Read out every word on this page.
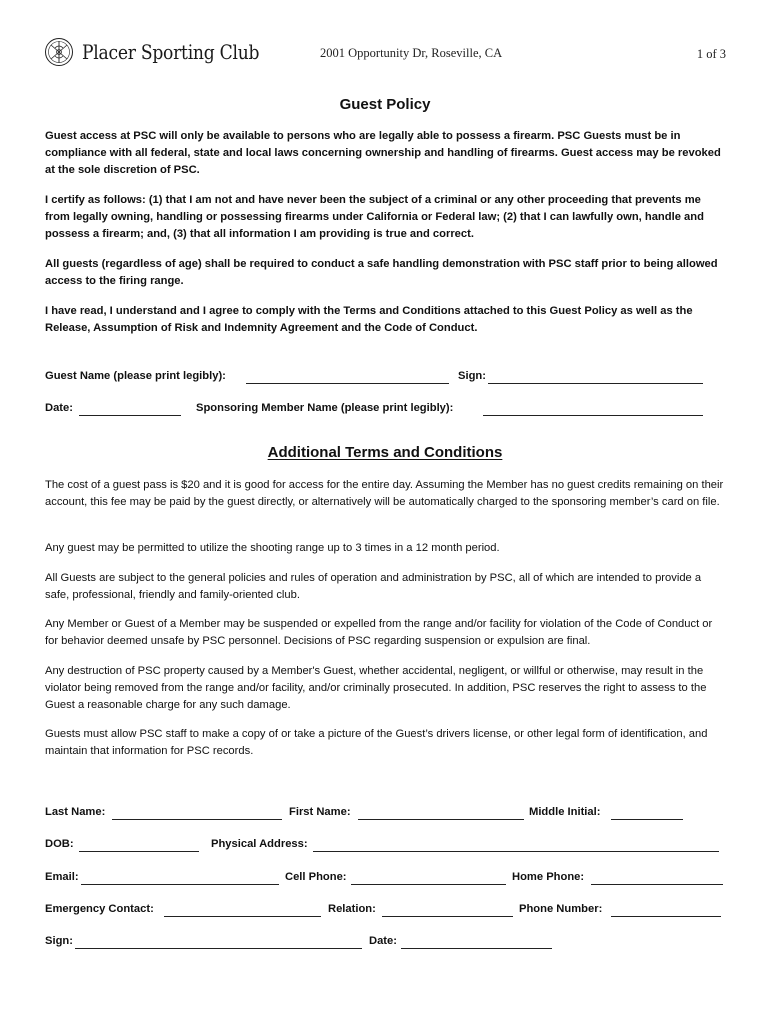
Placer Sporting Club	2001 Opportunity Dr, Roseville, CA	1 of 3
Guest Policy

Guest access at PSC will only be available to persons who are legally able to possess a firearm. PSC Guests must be in compliance with all federal, state and local laws concerning ownership and handling of firearms. Guest access may be revoked at the sole discretion of PSC.

I certify as follows: (1) that I am not and have never been the subject of a criminal or any other proceeding that prevents me from legally owning, handling or possessing firearms under California or Federal law; (2) that I can lawfully own, handle and possess a firearm; and, (3) that all information I am providing is true and correct.

All guests (regardless of age) shall be required to conduct a safe handling demonstration with PSC staff prior to being allowed access to the firing range.

I have read, I understand and I agree to comply with the Terms and Conditions attached to this Guest Policy as well as the Release, Assumption of Risk and Indemnity Agreement and the Code of Conduct.

Guest Name (please print legibly):	Sign:
Date:	Sponsoring Member Name (please print legibly):
Additional Terms and Conditions

The cost of a guest pass is $20 and it is good for access for the entire day. Assuming the Member has no guest credits remaining on their account, this fee may be paid by the guest directly, or alternatively will be automatically charged to the sponsoring member’s card on file.

Any guest may be permitted to utilize the shooting range up to 3 times in a 12 month period.

All Guests are subject to the general policies and rules of operation and administration by PSC, all of which are intended to provide a safe, professional, friendly and family-oriented club.

Any Member or Guest of a Member may be suspended or expelled from the range and/or facility for violation of the Code of Conduct or for behavior deemed unsafe by PSC personnel. Decisions of PSC regarding suspension or expulsion are final.

Any destruction of PSC property caused by a Member's Guest, whether accidental, negligent, or willful or otherwise, may result in the violator being removed from the range and/or facility, and/or criminally prosecuted. In addition, PSC reserves the right to assess to the Guest a reasonable charge for any such damage.

Guests must allow PSC staff to make a copy of or take a picture of the Guest’s drivers license, or other legal form of identification, and maintain that information for PSC records.

Last Name:	First Name:	Middle Initial:
DOB:	Physical Address:
Email:	Cell Phone:	Home Phone:
Emergency Contact:	Relation:	Phone Number:
Sign:	Date:
